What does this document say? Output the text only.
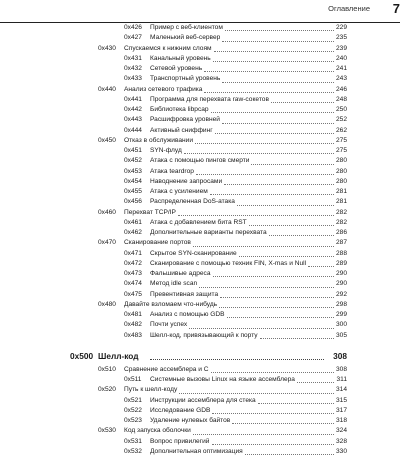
Оглавление 7
0x426 Пример с веб-клиентом	229
0x427 Маленький веб-сервер	235
0x430 Спускаемся к нижним слоям	239
0x431 Канальный уровень	240
0x432 Сетевой уровень	241
0x433 Транспортный уровень	243
0x440 Анализ сетевого трафика	246
0x441 Программа для перехвата raw-сокетов	248
0x442 Библиотека libpcap	250
0x443 Расшифровка уровней	252
0x444 Активный сниффинг	262
0x450 Отказ в обслуживании	275
0x451 SYN-флуд	275
0x452 Атака с помощью пингов смерти	280
0x453 Атака teardrop	280
0x454 Наводнение запросами	280
0x455 Атака с усилением	281
0x456 Распределенная DoS-атака	281
0x460 Перехват TCP/IP	282
0x461 Атака с добавлением бита RST	282
0x462 Дополнительные варианты перехвата	286
0x470 Сканирование портов	287
0x471 Скрытое SYN-сканирование	288
0x472 Сканирование с помощью техник FIN, X-mas и Null	289
0x473 Фальшивые адреса	290
0x474 Метод idle scan	290
0x475 Превентивная защита	292
0x480 Давайте взломаем что-нибудь	298
0x481 Анализ с помощью GDB	299
0x482 Почти успех	300
0x483 Шелл-код, привязывающий к порту	305
0x500 Шелл-код	308
0x510 Сравнение ассемблера и C	308
0x511 Системные вызовы Linux на языке ассемблера	311
0x520 Путь к шелл-коду	314
0x521 Инструкции ассемблера для стека	315
0x522 Исследование GDB	317
0x523 Удаление нулевых байтов	318
0x530 Код запуска оболочки	324
0x531 Вопрос привилегий	328
0x532 Дополнительная оптимизация	330
